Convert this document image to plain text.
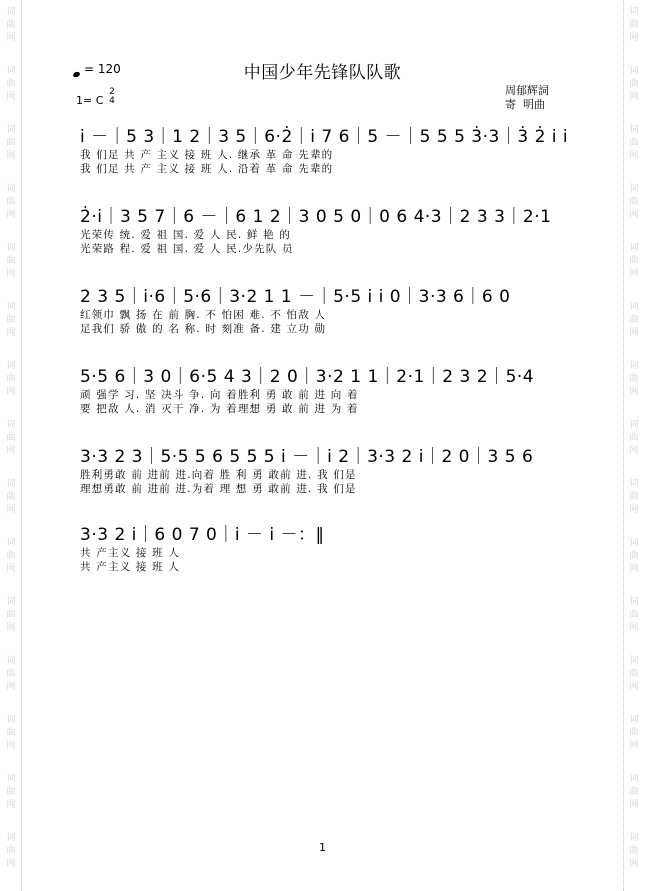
词
曲
网
词
曲
网
词
曲
网
词
曲
网
词
曲
网
词
曲
网
词
曲
网
词
曲
网
词
曲
网
词
曲
网
词
曲
网
词
曲
网
词
曲
网
词
曲
网
词
曲
网
词
曲
网
词
曲
网
词
曲
网
词
曲
网
词
曲
网
词
曲
网
词
曲
网
词
曲
网
词
曲
网
词
曲
网
词
曲
网
词
曲
网
词
曲
网
词
曲
网
词
曲
网
= 120	中国少年先锋队队歌
1= C
2
4
周郁辉詞
寄  明曲
i －｜5 3｜1 2｜3 5｜6·2̇｜i 7 6｜5 －｜5 5 5 3̇·3｜3̇ 2̇ i i
我 们足 共 产 主义 接 班 人. 继承 革 命 先辈的
我 们足 共 产 主义 接 班 人. 沿着 革 命 先辈的
2̇·i｜3 5 7｜6 －｜6 1 2｜3 0 5 0｜0 6 4·3｜2 3 3｜2·1
光荣传 统. 爱 祖 国. 爱 人 民. 鲜 艳 的
光荣路 程. 爱 祖 国. 爱 人 民.少先队 员
2 3 5｜i·6｜5·6｜3·2 1 1 －｜5·5 i i 0｜3·3 6｜6 0
红领巾 飘 扬 在 前 胸. 不 怕困 难. 不 怕敌 人
足我们 骄 傲 的 名 称. 时 刻准 备. 建 立功 勋
5·5 6｜3 0｜6·5 4 3｜2 0｜3·2 1 1｜2·1｜2 3 2｜5·4
顽 强学 习. 坚 决斗 争. 向 着胜利 勇 敢 前 进 向 着
要 把敌 人. 消 灭干 净. 为 着理想 勇 敢 前 进 为 着
3·3 2 3｜5·5 5 6 5 5 5 i －｜i 2｜3·3 2 i｜2 0｜3 5 6
胜利勇敢 前 进前 进.向着 胜 利 勇 敢前 进. 我 们是
理想勇敢 前 进前 进.为着 理 想 勇 敢前 进. 我 们是
3·3 2 i｜6 0 7 0｜i － i －：‖
共 产主义 接 班 人
共 产主义 接 班 人
1
